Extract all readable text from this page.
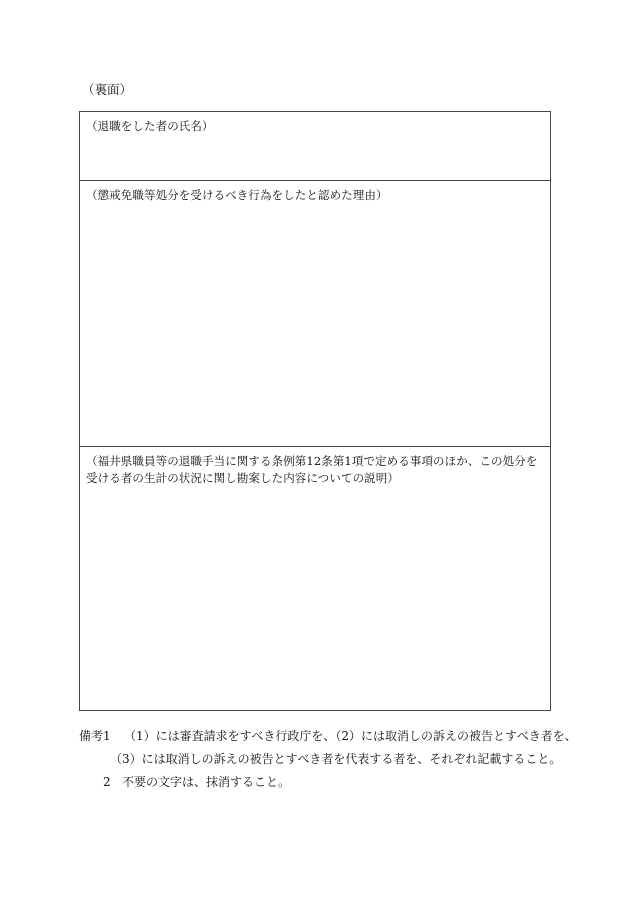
（裏面）
（退職をした者の氏名）
（懲戒免職等処分を受けるべき行為をしたと認めた理由）
（福井県職員等の退職手当に関する条例第12条第1項で定める事項のほか、この処分を受ける者の生計の状況に関し勘案した内容についての説明）
備考1 （1）には審査請求をすべき行政庁を、（2）には取消しの訴えの被告とすべき者を、
（3）には取消しの訴えの被告とすべき者を代表する者を、それぞれ記載すること。
2 不要の文字は、抹消すること。
